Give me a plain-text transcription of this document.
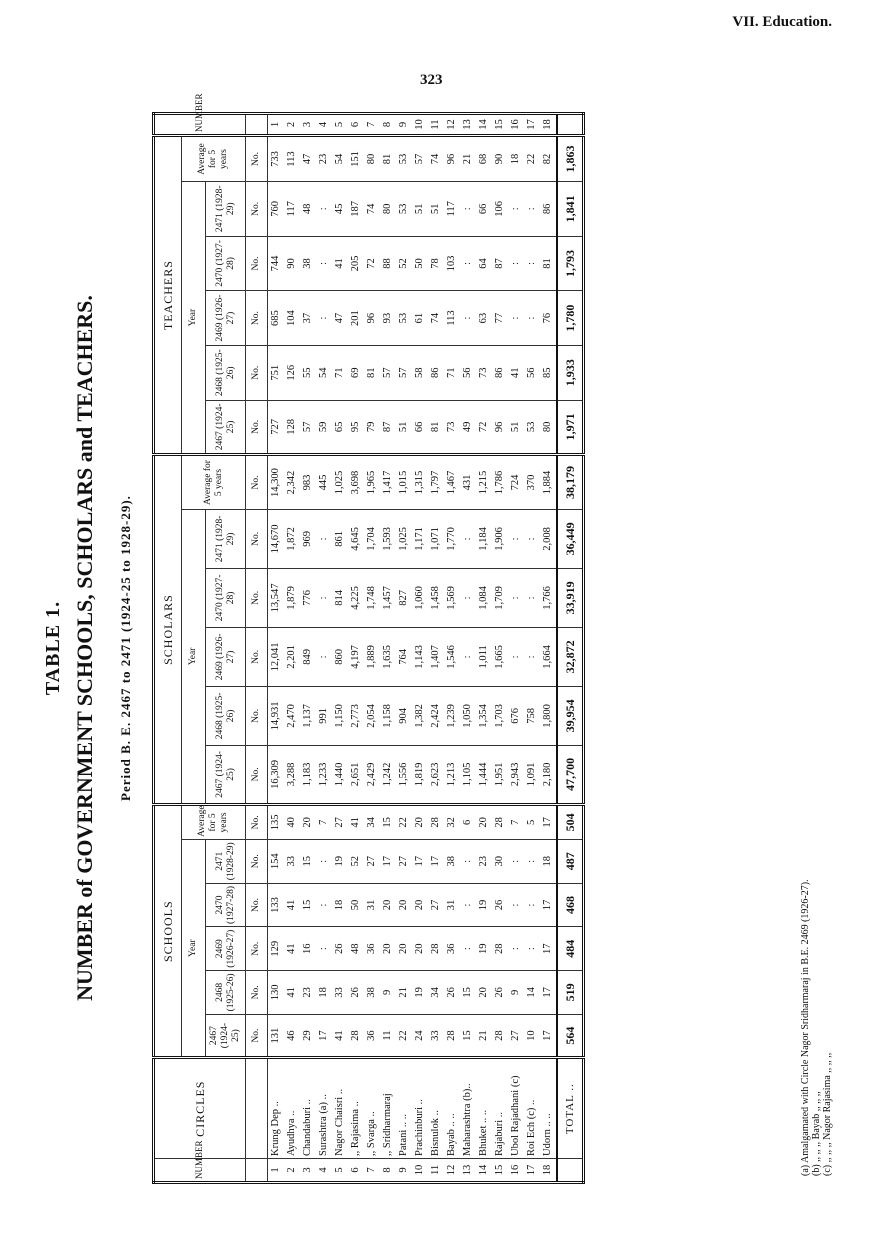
VII. Education.
323
TABLE 1. NUMBER of GOVERNMENT SCHOOLS, SCHOLARS and TEACHERS. Period B. E. 2467 to 2471 (1924-25 to 1928-29).
NUMBER	CIRCLES	SCHOOLS						SCHOLARS						TEACHERS						NUMBER
		Year					Average for 5 years	Year					Average for 5 years	Year					Average for 5 years	
		2467 (1924-25)	2468 (1925-26)	2469 (1926-27)	2470 (1927-28)	2471 (1928-29)		2467 (1924-25)	2468 (1925-26)	2469 (1926-27)	2470 (1927-28)	2471 (1928-29)		2467 (1924-25)	2468 (1925-26)	2469 (1926-27)	2470 (1927-28)	2471 (1928-29)		
		No.	No.	No.	No.	No.	No.	No.	No.	No.	No.	No.	No.	No.	No.	No.	No.	No.	No.	
1	Krung Dep ..	131	130	129	133	154	135	16,309	14,931	12,041	13,547	14,670	14,300	727	751	685	744	760	733	1
2	Ayudhya ..	46	41	41	41	33	40	3,288	2,470	2,201	1,879	1,872	2,342	128	126	104	90	117	113	2
3	Chandaburi ..	29	23	16	15	15	20	1,183	1,137	849	776	969	983	57	55	37	38	48	47	3
4	Surashtra (a) ..	17	18	:	:	:	7	1,233	991	:	:	:	445	59	54	:	:	:	23	4
5	Nagor Chaisri ..	41	33	26	18	19	27	1,440	1,150	860	814	861	1,025	65	71	47	41	45	54	5
6	,, Rajasima ..	28	26	48	50	52	41	2,651	2,773	4,197	4,225	4,645	3,698	95	69	201	205	187	151	6
7	,, Svarga ..	36	38	36	31	27	34	2,429	2,054	1,889	1,748	1,704	1,965	79	81	96	72	74	80	7
8	,, Sridharmaraj	11	9	20	20	17	15	1,242	1,158	1,635	1,457	1,593	1,417	87	57	93	88	80	81	8
9	Patani .. ..	22	21	20	20	27	22	1,556	904	764	827	1,025	1,015	51	57	53	52	53	53	9
10	Prachinburi ..	24	19	20	20	17	20	1,819	1,382	1,143	1,060	1,171	1,315	66	58	61	50	51	57	10
11	Bisnulok ..	33	34	28	27	17	28	2,623	2,424	1,407	1,458	1,071	1,797	81	86	74	78	51	74	11
12	Bayab .. ..	28	26	36	31	38	32	1,213	1,239	1,546	1,569	1,770	1,467	73	71	113	103	117	96	12
13	Maharashtra (b)..	15	15	:	:	:	6	1,105	1,050	:	:	:	431	49	56	:	:	:	21	13
14	Bhuket .. ..	21	20	19	19	23	20	1,444	1,354	1,011	1,084	1,184	1,215	72	73	63	64	66	68	14
15	Rajaburi ..	28	26	28	26	30	28	1,951	1,703	1,665	1,709	1,906	1,786	96	86	77	87	106	90	15
16	Ubol Rajadhani (c)	27	9	:	:	:	7	2,943	676	:	:	:	724	51	41	:	:	:	18	16
17	Roi Ech (c) ..	10	14	:	:	:	5	1,091	758	:	:	:	370	53	56	:	:	:	22	17
18	Udorn .. ..	17	17	17	17	18	17	2,180	1,800	1,664	1,766	2,008	1,884	80	85	76	81	86	82	18
	TOTAL ..	564	519	484	468	487	504	47,700	39,954	32,872	33,919	36,449	38,179	1,971	1,933	1,780	1,793	1,841	1,863	
(a) Amalgamated with Circle Nagor Sridharmaraj in B.E. 2469 (1926-27). (b) ,, ,, ,, Bayab ,, ,, ,, (c) ,, ,, ,, Nagor Rajasima ,, ,, ,,
